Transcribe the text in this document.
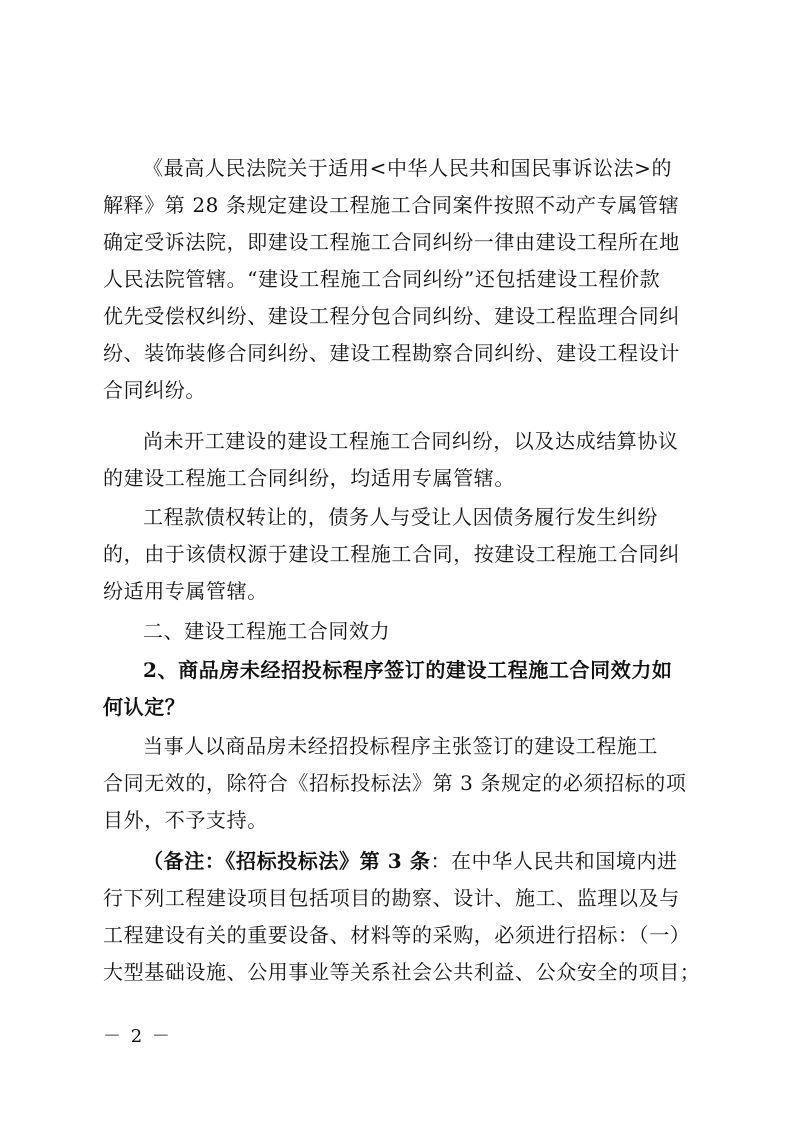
《最高人民法院关于适用<中华人民共和国民事诉讼法>的
解释》第 28 条规定建设工程施工合同案件按照不动产专属管辖
确定受诉法院，即建设工程施工合同纠纷一律由建设工程所在地
人民法院管辖。“建设工程施工合同纠纷”还包括建设工程价款
优先受偿权纠纷、建设工程分包合同纠纷、建设工程监理合同纠
纷、装饰装修合同纠纷、建设工程勘察合同纠纷、建设工程设计
合同纠纷。
尚未开工建设的建设工程施工合同纠纷，以及达成结算协议
的建设工程施工合同纠纷，均适用专属管辖。
工程款债权转让的，债务人与受让人因债务履行发生纠纷
的，由于该债权源于建设工程施工合同，按建设工程施工合同纠
纷适用专属管辖。
二、建设工程施工合同效力
2、商品房未经招投标程序签订的建设工程施工合同效力如
何认定？
当事人以商品房未经招投标程序主张签订的建设工程施工
合同无效的，除符合《招标投标法》第 3 条规定的必须招标的项
目外，不予支持。
（备注：《招标投标法》第 3 条：在中华人民共和国境内进
行下列工程建设项目包括项目的勘察、设计、施工、监理以及与
工程建设有关的重要设备、材料等的采购，必须进行招标：（一）
大型基础设施、公用事业等关系社会公共利益、公众安全的项目；
－ 2 －
